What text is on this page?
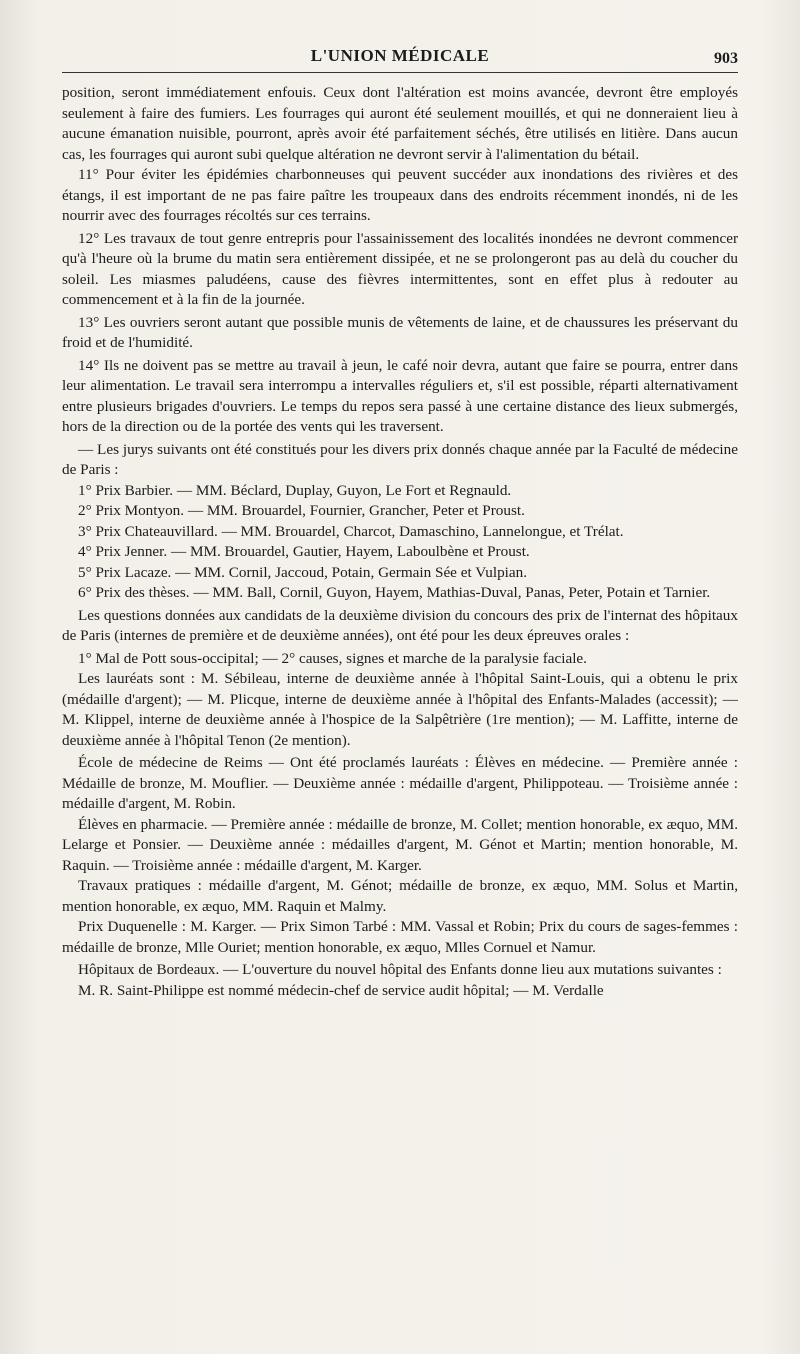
L'UNION MÉDICALE	903

position, seront immédiatement enfouis. Ceux dont l'altération est moins avancée, devront être employés seulement à faire des fumiers. Les fourrages qui auront été seulement mouillés, et qui ne donneraient lieu à aucune émanation nuisible, pourront, après avoir été parfaitement séchés, être utilisés en litière. Dans aucun cas, les fourrages qui auront subi quelque altération ne devront servir à l'alimentation du bétail.

11° Pour éviter les épidémies charbonneuses qui peuvent succéder aux inondations des rivières et des étangs, il est important de ne pas faire paître les troupeaux dans des endroits récemment inondés, ni de les nourrir avec des fourrages récoltés sur ces terrains.

12° Les travaux de tout genre entrepris pour l'assainissement des localités inondées ne devront commencer qu'à l'heure où la brume du matin sera entièrement dissipée, et ne se prolongeront pas au delà du coucher du soleil. Les miasmes paludéens, cause des fièvres intermittentes, sont en effet plus à redouter au commencement et à la fin de la journée.

13° Les ouvriers seront autant que possible munis de vêtements de laine, et de chaussures les préservant du froid et de l'humidité.

14° Ils ne doivent pas se mettre au travail à jeun, le café noir devra, autant que faire se pourra, entrer dans leur alimentation. Le travail sera interrompu a intervalles réguliers et, s'il est possible, réparti alternativament entre plusieurs brigades d'ouvriers. Le temps du repos sera passé à une certaine distance des lieux submergés, hors de la direction ou de la portée des vents qui les traversent.

— Les jurys suivants ont été constitués pour les divers prix donnés chaque année par la Faculté de médecine de Paris :

1° Prix Barbier. — MM. Béclard, Duplay, Guyon, Le Fort et Regnauld.

2° Prix Montyon. — MM. Brouardel, Fournier, Grancher, Peter et Proust.

3° Prix Chateauvillard. — MM. Brouardel, Charcot, Damaschino, Lannelongue, et Trélat.

4° Prix Jenner. — MM. Brouardel, Gautier, Hayem, Laboulbène et Proust.

5° Prix Lacaze. — MM. Cornil, Jaccoud, Potain, Germain Sée et Vulpian.

6° Prix des thèses. — MM. Ball, Cornil, Guyon, Hayem, Mathias-Duval, Panas, Peter, Potain et Tarnier.

Les questions données aux candidats de la deuxième division du concours des prix de l'internat des hôpitaux de Paris (internes de première et de deuxième années), ont été pour les deux épreuves orales :

1° Mal de Pott sous-occipital; — 2° causes, signes et marche de la paralysie faciale.

Les lauréats sont : M. Sébileau, interne de deuxième année à l'hôpital Saint-Louis, qui a obtenu le prix (médaille d'argent); — M. Plicque, interne de deuxième année à l'hôpital des Enfants-Malades (accessit); — M. Klippel, interne de deuxième année à l'hospice de la Salpêtrière (1re mention); — M. Laffitte, interne de deuxième année à l'hôpital Tenon (2e mention).

École de médecine de Reims — Ont été proclamés lauréats : Élèves en médecine. — Première année : Médaille de bronze, M. Mouflier. — Deuxième année : médaille d'argent, Philippoteau. — Troisième année : médaille d'argent, M. Robin.

Élèves en pharmacie. — Première année : médaille de bronze, M. Collet; mention honorable, ex æquo, MM. Lelarge et Ponsier. — Deuxième année : médailles d'argent, M. Génot et Martin; mention honorable, M. Raquin. — Troisième année : médaille d'argent, M. Karger.

Travaux pratiques : médaille d'argent, M. Génot; médaille de bronze, ex æquo, MM. Solus et Martin, mention honorable, ex æquo, MM. Raquin et Malmy.

Prix Duquenelle : M. Karger. — Prix Simon Tarbé : MM. Vassal et Robin; Prix du cours de sages-femmes : médaille de bronze, Mlle Ouriet; mention honorable, ex æquo, Mlles Cornuel et Namur.

Hôpitaux de Bordeaux. — L'ouverture du nouvel hôpital des Enfants donne lieu aux mutations suivantes :

M. R. Saint-Philippe est nommé médecin-chef de service audit hôpital; — M. Verdalle
